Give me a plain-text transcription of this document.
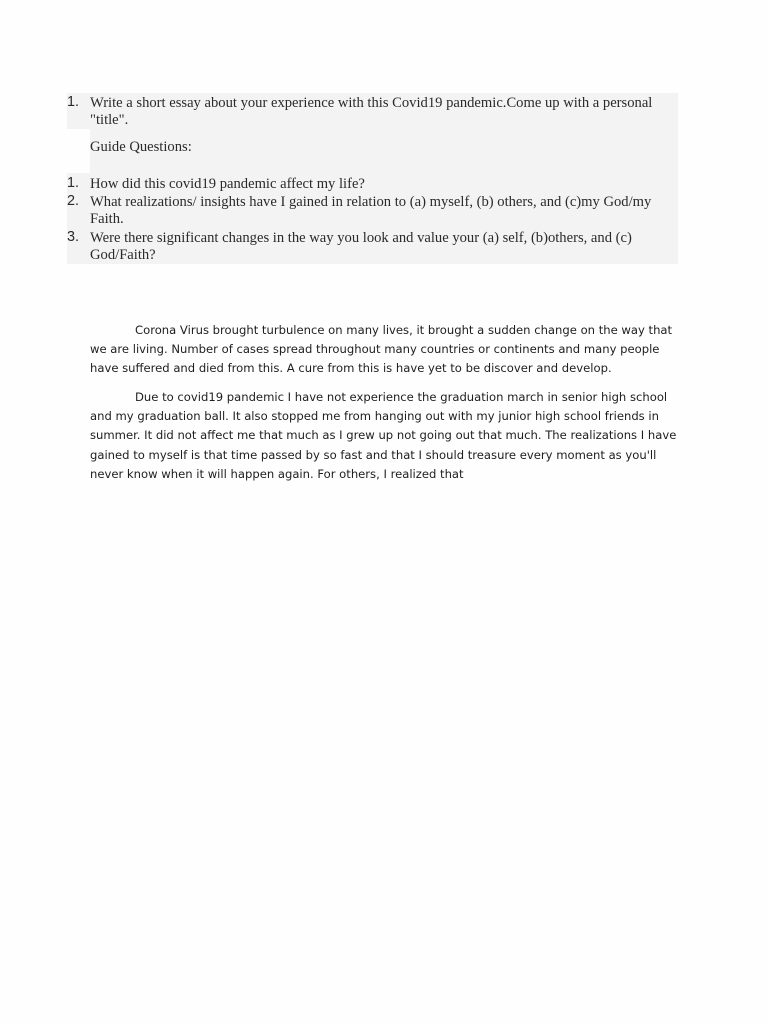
1. Write a short essay about your experience with this Covid19 pandemic.Come up with a personal "title".
Guide Questions:
1. How did this covid19 pandemic affect my life?
2. What realizations/ insights have I gained in relation to (a) myself, (b) others, and (c)my God/my Faith.
3. Were there significant changes in the way you look and value your (a) self, (b)others, and (c) God/Faith?

Corona Virus brought turbulence on many lives, it brought a sudden change on the way that we are living. Number of cases spread throughout many countries or continents and many people have suffered and died from this. A cure from this is have yet to be discover and develop.

Due to covid19 pandemic I have not experience the graduation march in senior high school and my graduation ball. It also stopped me from hanging out with my junior high school friends in summer. It did not affect me that much as I grew up not going out that much. The realizations I have gained to myself is that time passed by so fast and that I should treasure every moment as you'll never know when it will happen again. For others, I realized that
